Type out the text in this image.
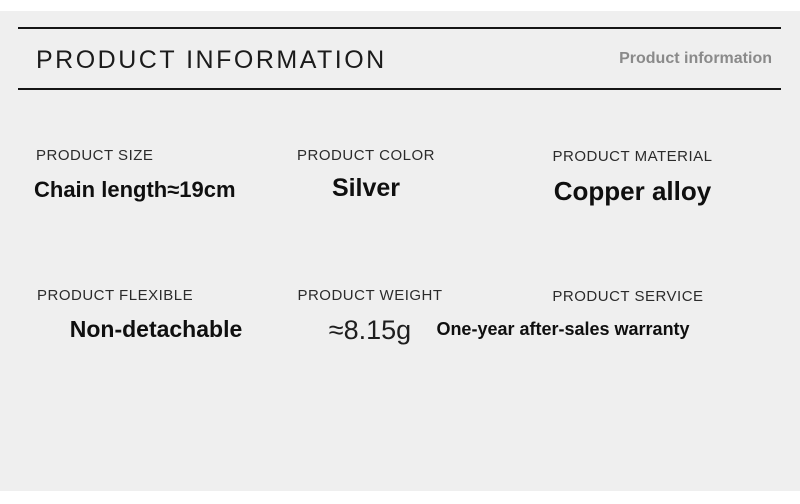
PRODUCT INFORMATION	Product information
PRODUCT SIZE
Chain length≈19cm
PRODUCT COLOR
Silver
PRODUCT MATERIAL
Copper alloy
PRODUCT FLEXIBLE
Non-detachable
PRODUCT WEIGHT
≈8.15g
PRODUCT SERVICE
One-year after-sales warranty
